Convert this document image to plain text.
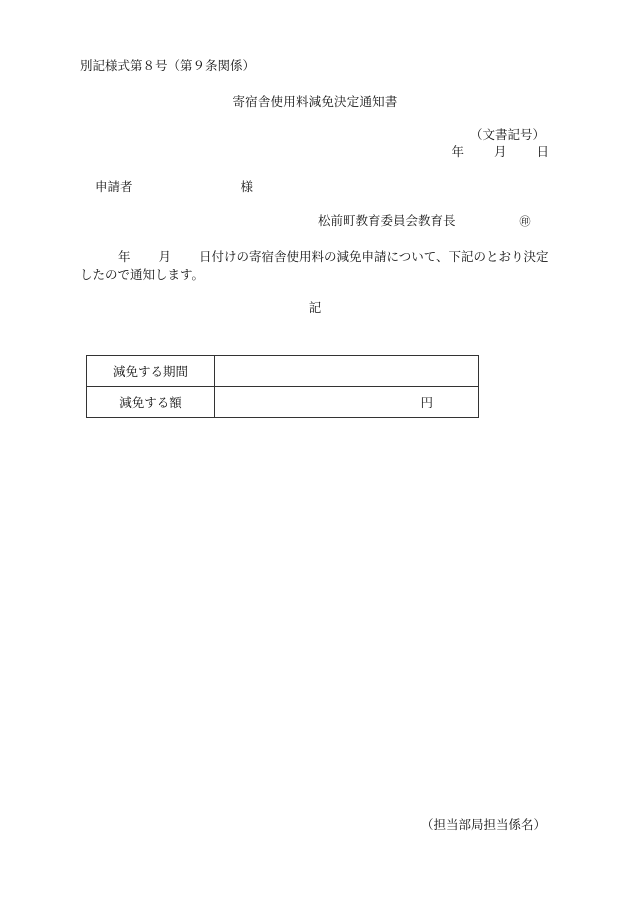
別記様式第８号（第９条関係）
寄宿舎使用料減免決定通知書
（文書記号）
年 月 日
申請者	様
松前町教育委員会教育長	㊞
年 月 日付けの寄宿舎使用料の減免申請について、下記のとおり決定したので通知します。
記
減免する期間	
減免する額	円
（担当部局担当係名）
